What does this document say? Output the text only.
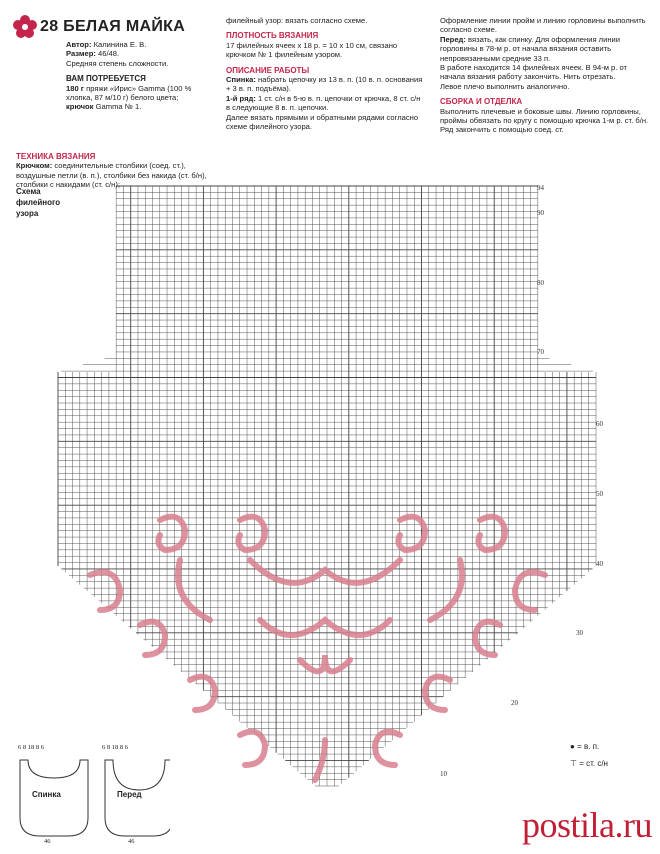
28 БЕЛАЯ МАЙКА

Автор: Калинина Е. В.

Размер: 46/48.

Средняя степень сложности.

ВАМ ПОТРЕБУЕТСЯ

180 г пряжи «Ирис» Gamma (100 % хлопка, 87 м/10 г) белого цвета;

крючок Gamma № 1.

ТЕХНИКА ВЯЗАНИЯ

Крючком: соединительные столбики (соед. ст.), воздушные петли (в. п.), столбики без накида (ст. б/н), столбики с накидами (ст. с/н);

филейный узор: вязать согласно схеме.

ПЛОТНОСТЬ ВЯЗАНИЯ

17 филейных ячеек х 18 р. = 10 х 10 см, связано крючком № 1 филейным узором.

ОПИСАНИЕ РАБОТЫ

Спинка: набрать цепочку из 13 в. п. (10 в. п. основания + 3 в. п. подъёма).

1-й ряд: 1 ст. с/н в 5-ю в. п. цепочки от крючка, 8 ст. с/н в следующие 8 в. п. цепочки.

Далее вязать прямыми и обратными рядами согласно схеме филейного узора.

Оформление линии пройм и линию горловины выполнить согласно схеме.

Перед: вязать, как спинку. Для оформления линии горловины в 78-м р. от начала вязания оставить непровязанными средние 33 п.

В работе находится 14 филейных ячеек. В 94-м р. от начала вязания работу закончить. Нить отрезать.

Левое плечо выполнить аналогично.

СБОРКА И ОТДЕЛКА

Выполнить плечевые и боковые швы. Линию горловины, проймы обвязать по кругу с помощью крючка 1-м р. ст. б/н. Ряд закончить с помощью соед. ст.

Схема филейного узора
94
90
80
70
60
50
40
30
20
10
6 8 18 8 6	6 8 18 8 6
Спинка	Перед
46	46
● = в. п.
⊤ = ст. с/н
postila.ru
